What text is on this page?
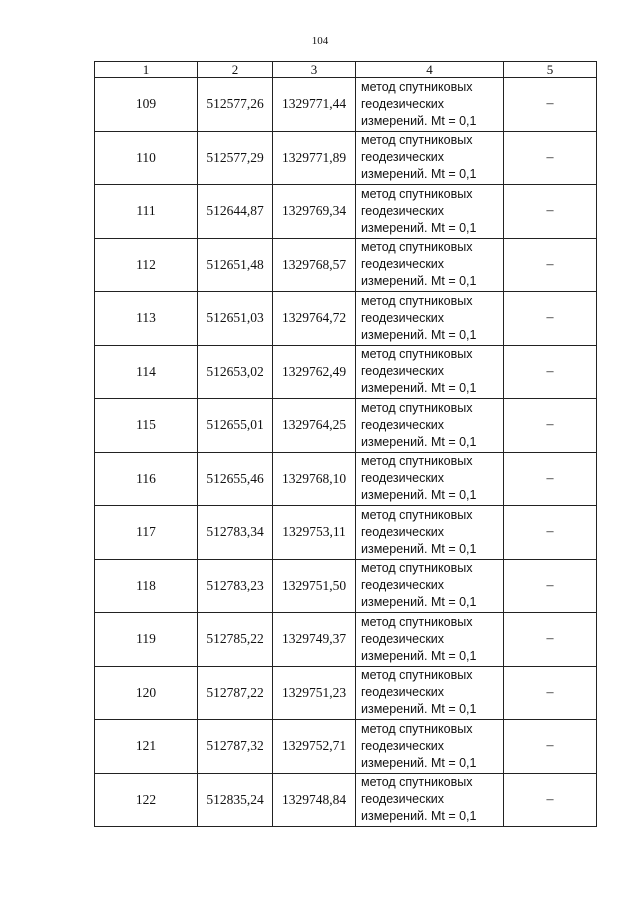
104
1	2	3	4	5
109	512577,26	1329771,44	метод спутниковых
геодезических
измерений. Mt = 0,1	–
110	512577,29	1329771,89	метод спутниковых
геодезических
измерений. Mt = 0,1	–
111	512644,87	1329769,34	метод спутниковых
геодезических
измерений. Mt = 0,1	–
112	512651,48	1329768,57	метод спутниковых
геодезических
измерений. Mt = 0,1	–
113	512651,03	1329764,72	метод спутниковых
геодезических
измерений. Mt = 0,1	–
114	512653,02	1329762,49	метод спутниковых
геодезических
измерений. Mt = 0,1	–
115	512655,01	1329764,25	метод спутниковых
геодезических
измерений. Mt = 0,1	–
116	512655,46	1329768,10	метод спутниковых
геодезических
измерений. Mt = 0,1	–
117	512783,34	1329753,11	метод спутниковых
геодезических
измерений. Mt = 0,1	–
118	512783,23	1329751,50	метод спутниковых
геодезических
измерений. Mt = 0,1	–
119	512785,22	1329749,37	метод спутниковых
геодезических
измерений. Mt = 0,1	–
120	512787,22	1329751,23	метод спутниковых
геодезических
измерений. Mt = 0,1	–
121	512787,32	1329752,71	метод спутниковых
геодезических
измерений. Mt = 0,1	–
122	512835,24	1329748,84	метод спутниковых
геодезических
измерений. Mt = 0,1	–
